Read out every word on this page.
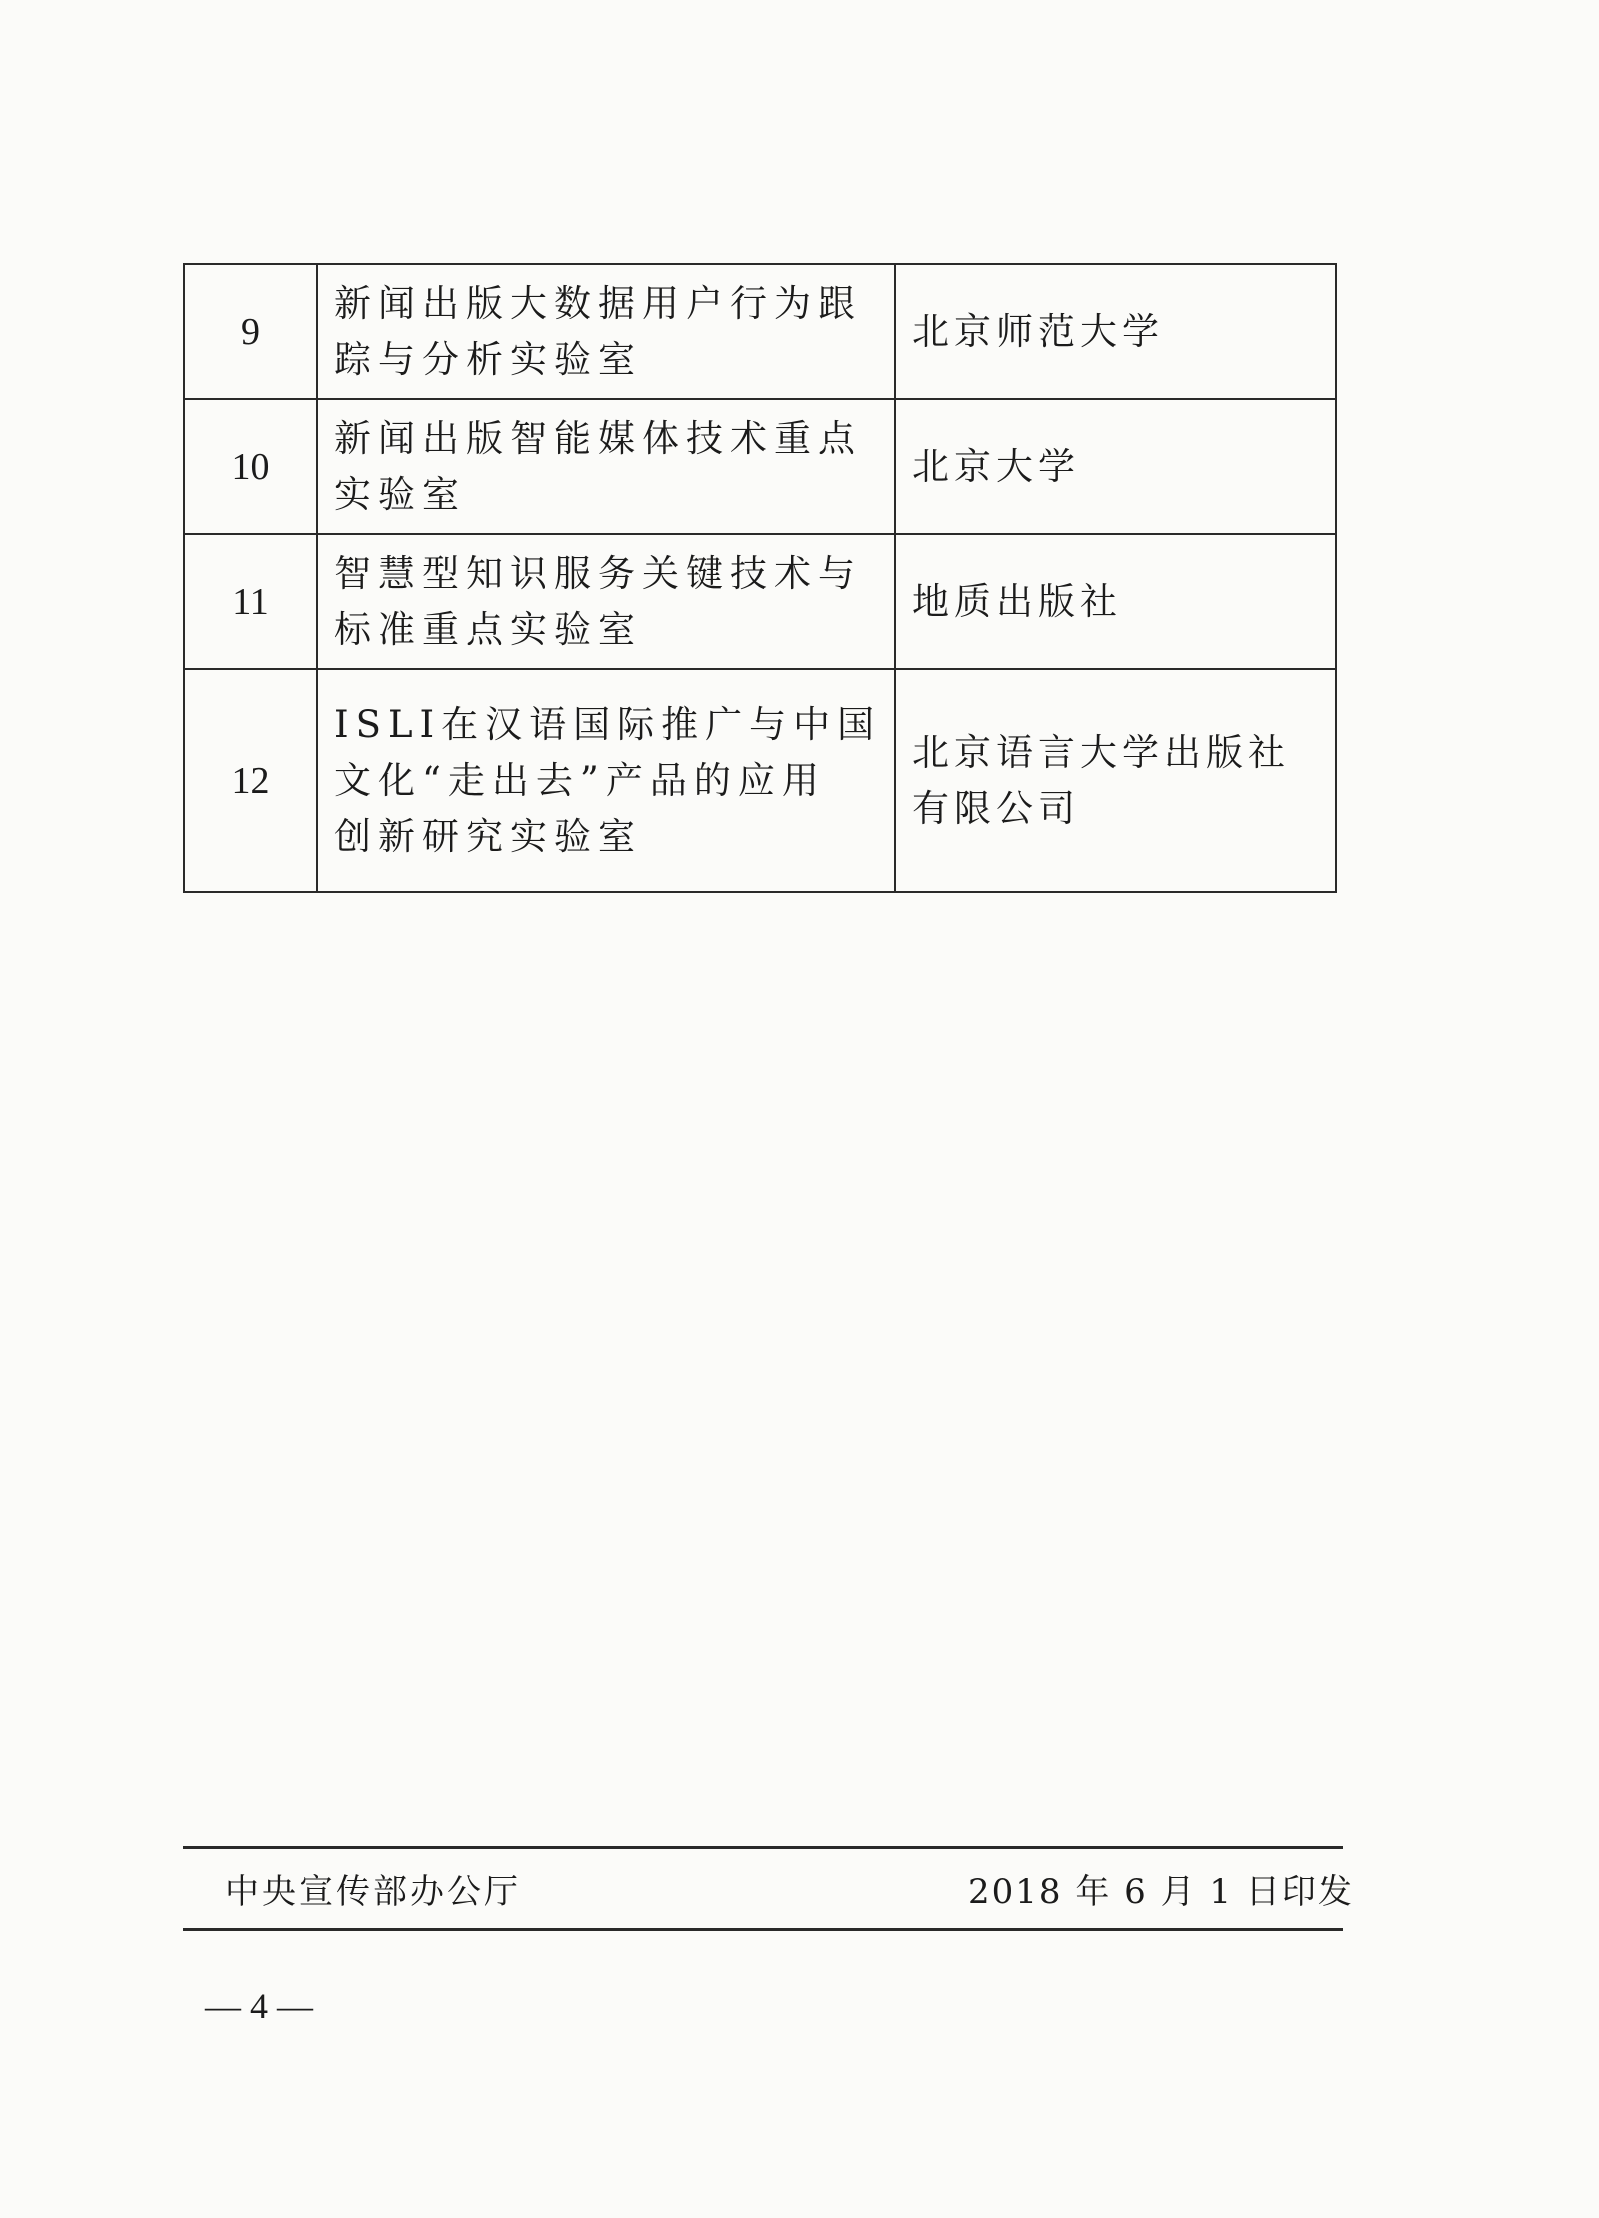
9	新闻出版大数据用户行为跟
踪与分析实验室	北京师范大学

10	新闻出版智能媒体技术重点
实验室	北京大学

11	智慧型知识服务关键技术与
标准重点实验室	地质出版社

12	ISLI在汉语国际推广与中国
文化“走出去”产品的应用
创新研究实验室	北京语言大学出版社
有限公司
中央宣传部办公厅	2018 年 6 月 1 日印发
— 4 —
